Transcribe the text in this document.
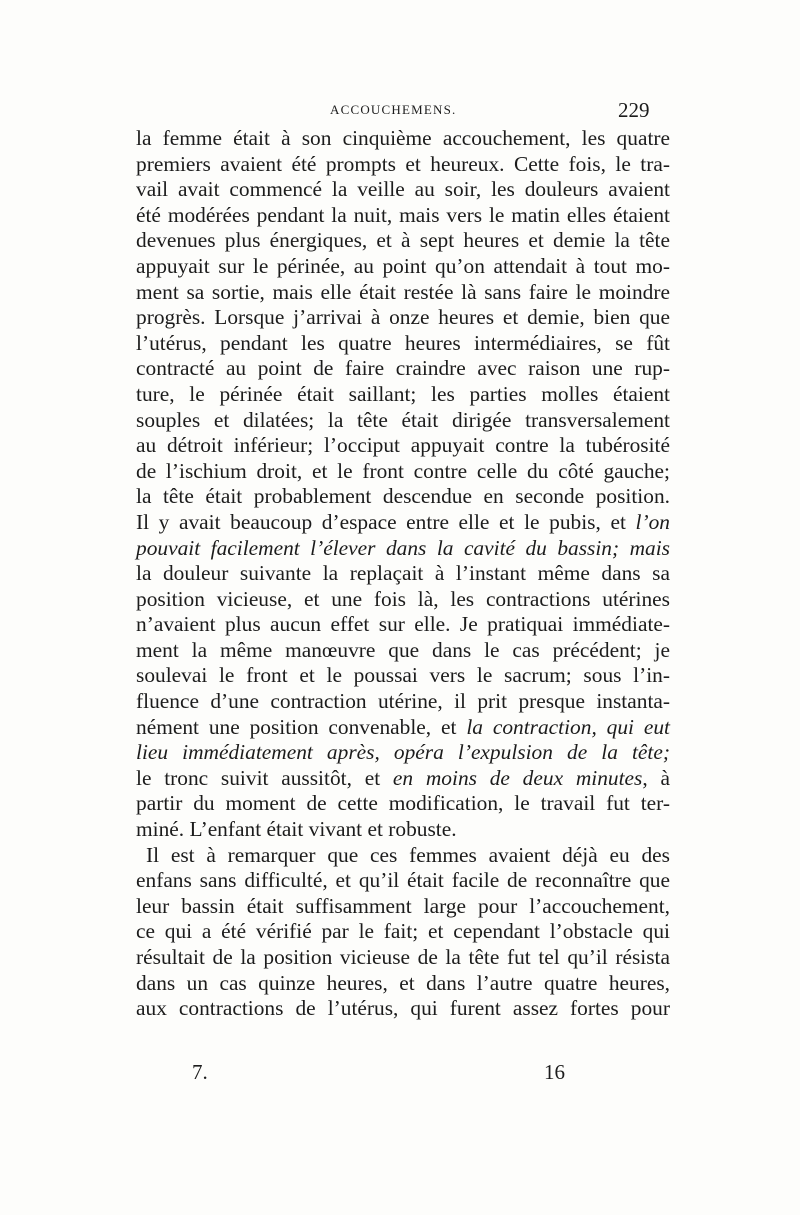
ACCOUCHEMENS.	229
la femme était à son cinquième accouchement, les quatre
premiers avaient été prompts et heureux. Cette fois, le tra-
vail avait commencé la veille au soir, les douleurs avaient
été modérées pendant la nuit, mais vers le matin elles étaient
devenues plus énergiques, et à sept heures et demie la tête
appuyait sur le périnée, au point qu’on attendait à tout mo-
ment sa sortie, mais elle était restée là sans faire le moindre
progrès. Lorsque j’arrivai à onze heures et demie, bien que
l’utérus, pendant les quatre heures intermédiaires, se fût
contracté au point de faire craindre avec raison une rup-
ture, le périnée était saillant; les parties molles étaient
souples et dilatées; la tête était dirigée transversalement
au détroit inférieur; l’occiput appuyait contre la tubérosité
de l’ischium droit, et le front contre celle du côté gauche;
la tête était probablement descendue en seconde position.
Il y avait beaucoup d’espace entre elle et le pubis, et l’on
pouvait facilement l’élever dans la cavité du bassin; mais
la douleur suivante la replaçait à l’instant même dans sa
position vicieuse, et une fois là, les contractions utérines
n’avaient plus aucun effet sur elle. Je pratiquai immédiate-
ment la même manœuvre que dans le cas précédent; je
soulevai le front et le poussai vers le sacrum; sous l’in-
fluence d’une contraction utérine, il prit presque instanta-
nément une position convenable, et la contraction, qui eut
lieu immédiatement après, opéra l’expulsion de la tête;
le tronc suivit aussitôt, et en moins de deux minutes, à
partir du moment de cette modification, le travail fut ter-
miné. L’enfant était vivant et robuste.
Il est à remarquer que ces femmes avaient déjà eu des
enfans sans difficulté, et qu’il était facile de reconnaître que
leur bassin était suffisamment large pour l’accouchement,
ce qui a été vérifié par le fait; et cependant l’obstacle qui
résultait de la position vicieuse de la tête fut tel qu’il résista
dans un cas quinze heures, et dans l’autre quatre heures,
aux contractions de l’utérus, qui furent assez fortes pour
7.	16
